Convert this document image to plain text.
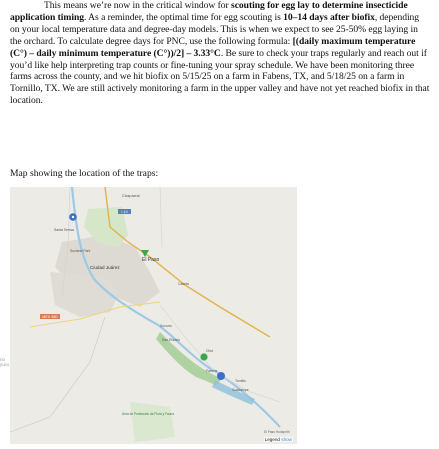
This means we’re now in the critical window for scouting for egg lay to determine insecticide application timing. As a reminder, the optimal time for egg scouting is 10–14 days after biofix, depending on your local temperature data and degree-day models. This is when we expect to see 25-50% egg laying in the orchard. To calculate degree days for PNC, use the following formula: [(daily maximum temperature (C°) – daily minimum temperature (C°))/2] – 3.33°C. Be sure to check your traps regularly and reach out if you’d like help interpreting trap counts or fine-tuning your spray schedule. We have been monitoring three farms across the county, and we hit biofix on 5/15/25 on a farm in Fabens, TX, and 5/18/25 on a farm in Tornillo, TX. We are still actively monitoring a farm in the upper valley and have not yet reached biofix in that location.

Map showing the location of the traps:

I-10
MEX 45D
Chaparral
El Paso
Santa Teresa
Sunland Park
Ciudad Juárez
Socorro
San Elizario
Clint
Fabens
Tornillo
Caseta
Guadalupe
Área de Protección de Flora y Fauna
El Paso Hudspeth
Legend show
rio
yuco
